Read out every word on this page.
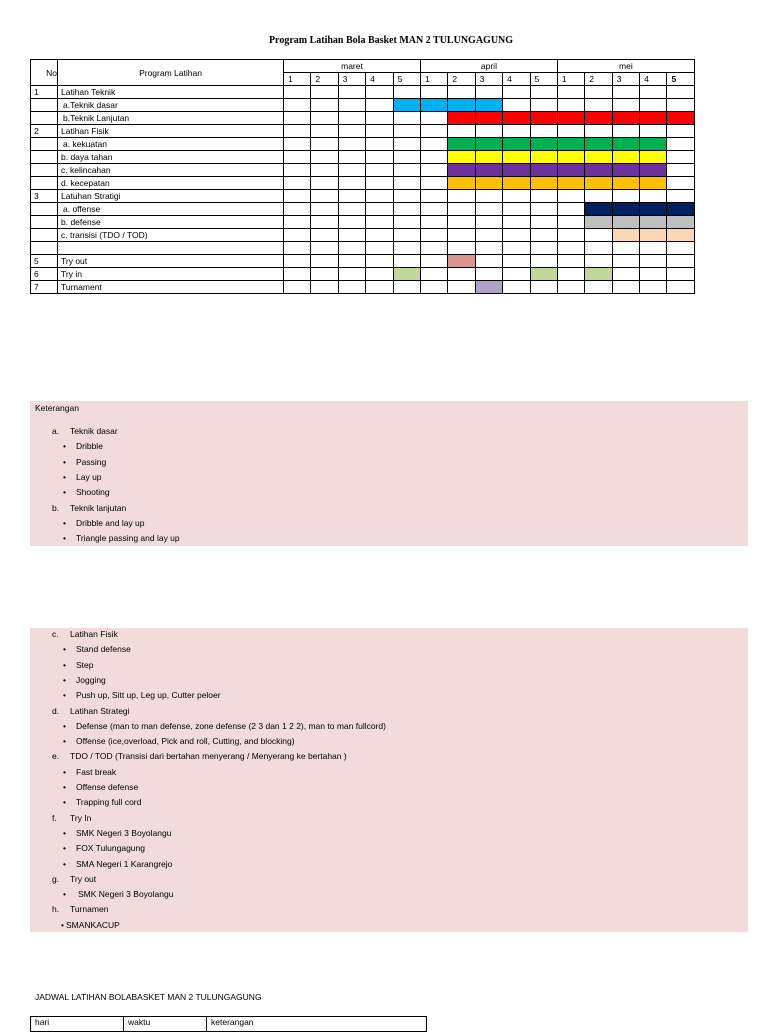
Program Latihan Bola Basket MAN 2 TULUNGAGUNG
No	Program Latihan	maret					april					mei				
		1	2	3	4	5	1	2	3	4	5	1	2	3	4	5
1	Latihan Teknik															
	a.Teknik dasar															
	b.Teknik Lanjutan															
2	Latihan Fisik															
	a. kekuatan															
	b. daya tahan															
	c. kelincahan															
	d. kecepatan															
3	Latuhan Stratigi															
	a. offense															
	b. defense															
	c. transisi (TDO / TOD)															

5	Try out															
6	Try in															
7	Turnament															
Keterangan
a. Teknik dasar
• Dribble
• Passing
• Lay up
• Shooting
b. Teknik lanjutan
• Dribble and lay up
• Triangle passing and lay up
c. Latihan Fisik
• Stand defense
• Step
• Jogging
• Push up, Sitt up, Leg up, Cutter peloer
d. Latihan Strategi
• Defense (man to man defense, zone defense (2 3 dan 1 2 2), man to man fullcord)
• Offense (ice,overload, Pick and roll, Cutting, and blocking)
e. TDO / TOD (Transisi dari bertahan menyerang / Menyerang ke bertahan )
• Fast break
• Offense defense
• Trapping full cord
f. Try In
• SMK Negeri 3 Boyolangu
• FOX Tulungagung
• SMA Negeri 1 Karangrejo
g. Try out
• SMK Negeri 3 Boyolangu
h. Turnamen
• SMANKACUP
JADWAL LATIHAN BOLABASKET MAN 2 TULUNGAGUNG
hari	waktu	keterangan
